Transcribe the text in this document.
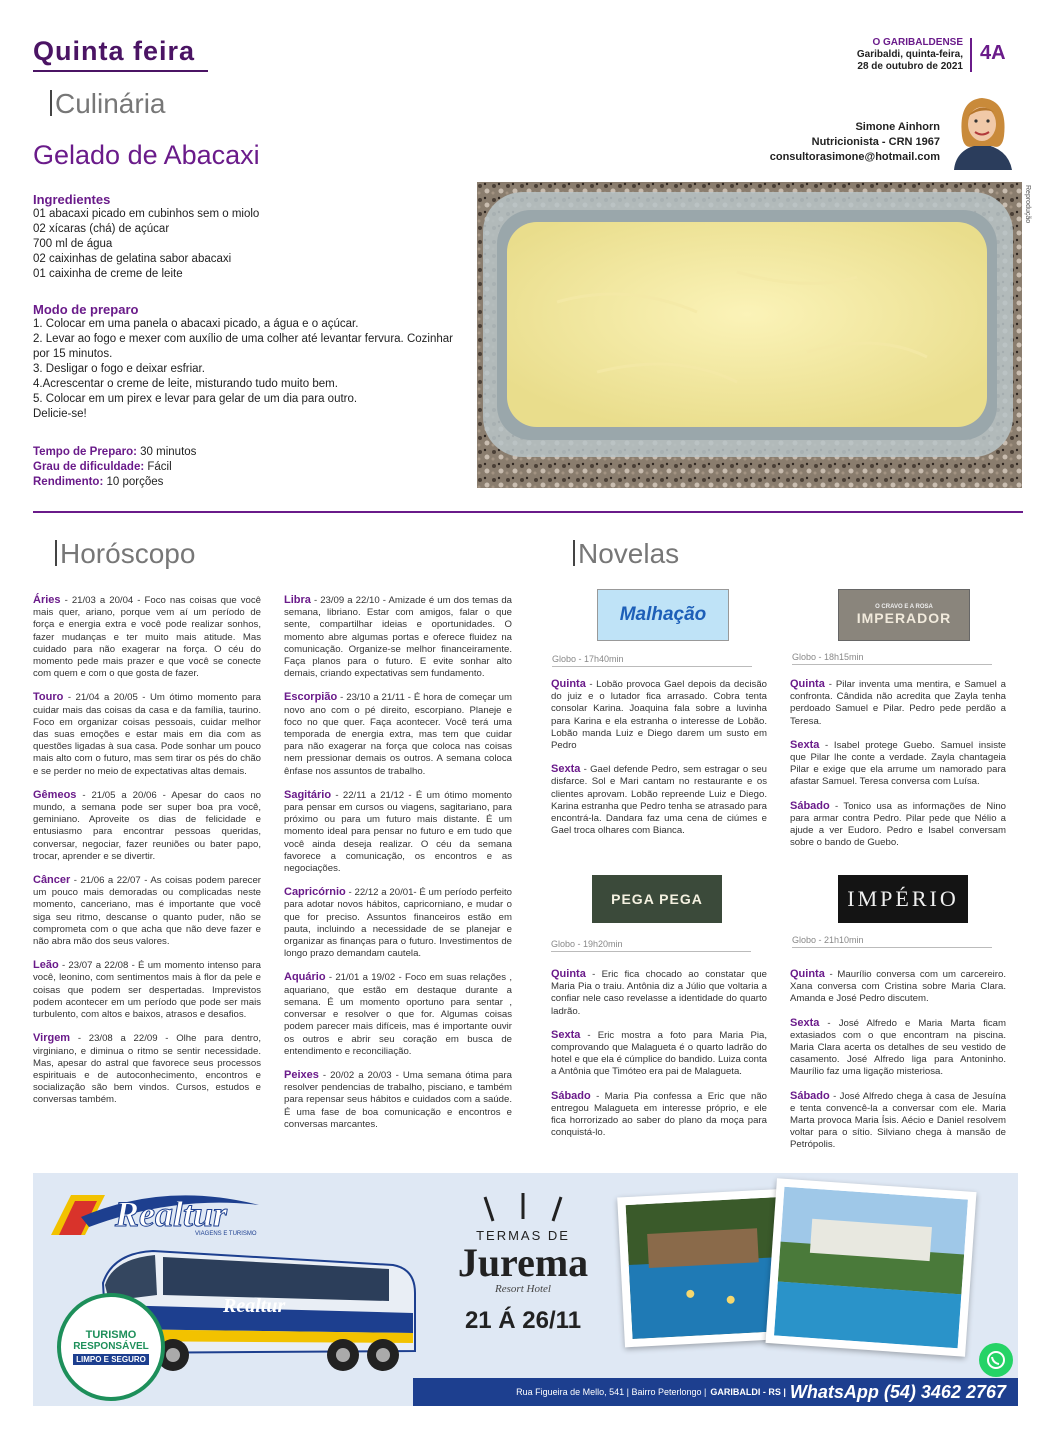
Quinta feira	O GARIBALDENSE
Garibaldi, quinta-feira,
28 de outubro de 2021
4A
Culinária
Gelado de Abacaxi
Simone Ainhorn
Nutricionista - CRN 1967
consultorasimone@hotmail.com
Ingredientes
01 abacaxi picado em cubinhos sem o miolo
02 xícaras (chá) de açúcar
700 ml de água
02 caixinhas de gelatina sabor abacaxi
01 caixinha de creme de leite
Modo de preparo
1. Colocar em uma panela o abacaxi picado, a água e o açúcar.
2. Levar ao fogo e mexer com auxílio de uma colher até levantar fervura. Cozinhar por 15 minutos.
3. Desligar o fogo e deixar esfriar.
4.Acrescentar o creme de leite, misturando tudo muito bem.
5. Colocar em um pirex e levar para gelar de um dia para outro.
Delicie-se!
Tempo de Preparo: 30 minutos
Grau de dificuldade: Fácil
Rendimento: 10 porções
Reprodução
Horóscopo

Áries - 21/03 a 20/04 - Foco nas coisas que você mais quer, ariano, porque vem aí um período de força e energia extra e você pode realizar sonhos, fazer mudanças e ter muito mais atitude. Mas cuidado para não exagerar na força. O céu do momento pede mais prazer e que você se conecte com quem e com o que gosta de fazer.

Touro - 21/04 a 20/05 - Um ótimo momento para cuidar mais das coisas da casa e da família, taurino. Foco em organizar coisas pessoais, cuidar melhor das suas emoções e estar mais em dia com as questões ligadas à sua casa. Pode sonhar um pouco mais alto com o futuro, mas sem tirar os pés do chão e se perder no meio de expectativas altas demais.

Gêmeos - 21/05 a 20/06 - Apesar do caos no mundo, a semana pode ser super boa pra você, geminiano. Aproveite os dias de felicidade e entusiasmo para encontrar pessoas queridas, conversar, negociar, fazer reuniões ou bater papo, trocar, aprender e se divertir.

Câncer - 21/06 a 22/07 - As coisas podem parecer um pouco mais demoradas ou complicadas neste momento, canceriano, mas é importante que você siga seu ritmo, descanse o quanto puder, não se comprometa com o que acha que não deve fazer e não abra mão dos seus valores.

Leão - 23/07 a 22/08 - É um momento intenso para você, leonino, com sentimentos mais à flor da pele e coisas que podem ser despertadas. Imprevistos podem acontecer em um período que pode ser mais turbulento, com altos e baixos, atrasos e desafios.

Virgem - 23/08 a 22/09 - Olhe para dentro, virginiano, e diminua o ritmo se sentir necessidade. Mas, apesar do astral que favorece seus processos espirituais e de autoconhecimento, encontros e socialização são bem vindos. Cursos, estudos e conversas também.

Libra - 23/09 a 22/10 - Amizade é um dos temas da semana, libriano. Estar com amigos, falar o que sente, compartilhar ideias e oportunidades. O momento abre algumas portas e oferece fluidez na comunicação. Organize-se melhor financeiramente. Faça planos para o futuro. E evite sonhar alto demais, criando expectativas sem fundamento.

Escorpião - 23/10 a 21/11 - É hora de começar um novo ano com o pé direito, escorpiano. Planeje e foco no que quer. Faça acontecer. Você terá uma temporada de energia extra, mas tem que cuidar para não exagerar na força que coloca nas coisas nem pressionar demais os outros. A semana coloca ênfase nos assuntos de trabalho.

Sagitário - 22/11 a 21/12 - É um ótimo momento para pensar em cursos ou viagens, sagitariano, para próximo ou para um futuro mais distante. É um momento ideal para pensar no futuro e em tudo que você ainda deseja realizar. O céu da semana favorece a comunicação, os encontros e as negociações.

Capricórnio - 22/12 a 20/01- É um período perfeito para adotar novos hábitos, capricorniano, e mudar o que for preciso. Assuntos financeiros estão em pauta, incluindo a necessidade de se planejar e organizar as finanças para o futuro. Investimentos de longo prazo demandam cautela.

Aquário - 21/01 a 19/02 - Foco em suas relações , aquariano, que estão em destaque durante a semana. É um momento oportuno para sentar , conversar e resolver o que for. Algumas coisas podem parecer mais difíceis, mas é importante ouvir os outros e abrir seu coração em busca de entendimento e reconciliação.

Peixes - 20/02 a 20/03 - Uma semana ótima para resolver pendencias de trabalho, pisciano, e também para repensar seus hábitos e cuidados com a saúde. É uma fase de boa comunicação e encontros e conversas marcantes.

Novelas
Malhação
Globo - 17h40min

Quinta - Lobão provoca Gael depois da decisão do juiz e o lutador fica arrasado. Cobra tenta consolar Karina. Joaquina fala sobre a luvinha para Karina e ela estranha o interesse de Lobão. Lobão manda Luiz e Diego darem um susto em Pedro

Sexta - Gael defende Pedro, sem estragar o seu disfarce. Sol e Mari cantam no restaurante e os clientes aprovam. Lobão repreende Luiz e Diego. Karina estranha que Pedro tenha se atrasado para encontrá-la. Dandara faz uma cena de ciúmes e Gael troca olhares com Bianca.

O CRAVO E A ROSA
IMPERADOR
Globo - 18h15min

Quinta - Pilar inventa uma mentira, e Samuel a confronta. Cândida não acredita que Zayla tenha perdoado Samuel e Pilar. Pedro pede perdão a Teresa.

Sexta - Isabel protege Guebo. Samuel insiste que Pilar lhe conte a verdade. Zayla chantageia Pilar e exige que ela arrume um namorado para afastar Samuel. Teresa conversa com Luísa.

Sábado - Tonico usa as informações de Nino para armar contra Pedro. Pilar pede que Nélio a ajude a ver Eudoro. Pedro e Isabel conversam sobre o bando de Guebo.

PEGA PEGA
Globo - 19h20min

Quinta - Eric fica chocado ao constatar que Maria Pia o traiu. Antônia diz a Júlio que voltaria a confiar nele caso revelasse a identidade do quarto ladrão.

Sexta - Eric mostra a foto para Maria Pia, comprovando que Malagueta é o quarto ladrão do hotel e que ela é cúmplice do bandido. Luiza conta a Antônia que Timóteo era pai de Malagueta.

Sábado - Maria Pia confessa a Eric que não entregou Malagueta em interesse próprio, e ele fica horrorizado ao saber do plano da moça para conquistá-lo.

IMPÉRIO
Globo - 21h10min

Quinta - Maurílio conversa com um carcereiro. Xana conversa com Cristina sobre Maria Clara. Amanda e José Pedro discutem.

Sexta - José Alfredo e Maria Marta ficam extasiados com o que encontram na piscina. Maria Clara acerta os detalhes de seu vestido de casamento. José Alfredo liga para Antoninho. Maurílio faz uma ligação misteriosa.

Sábado - José Alfredo chega à casa de Jesuína e tenta convencê-la a conversar com ele. Maria Marta provoca Maria Ísis. Aécio e Daniel resolvem voltar para o sítio. Silviano chega à mansão de Petrópolis.

Realtur
VIAGENS E TURISMO
Realtur
TURISMO
RESPONSÁVEL
LIMPO E SEGURO
TERMAS DE
Jurema
Resort Hotel
21 Á 26/11
Rua Figueira de Mello, 541 | Bairro Peterlongo | GARIBALDI - RS | WhatsApp (54) 3462 2767
